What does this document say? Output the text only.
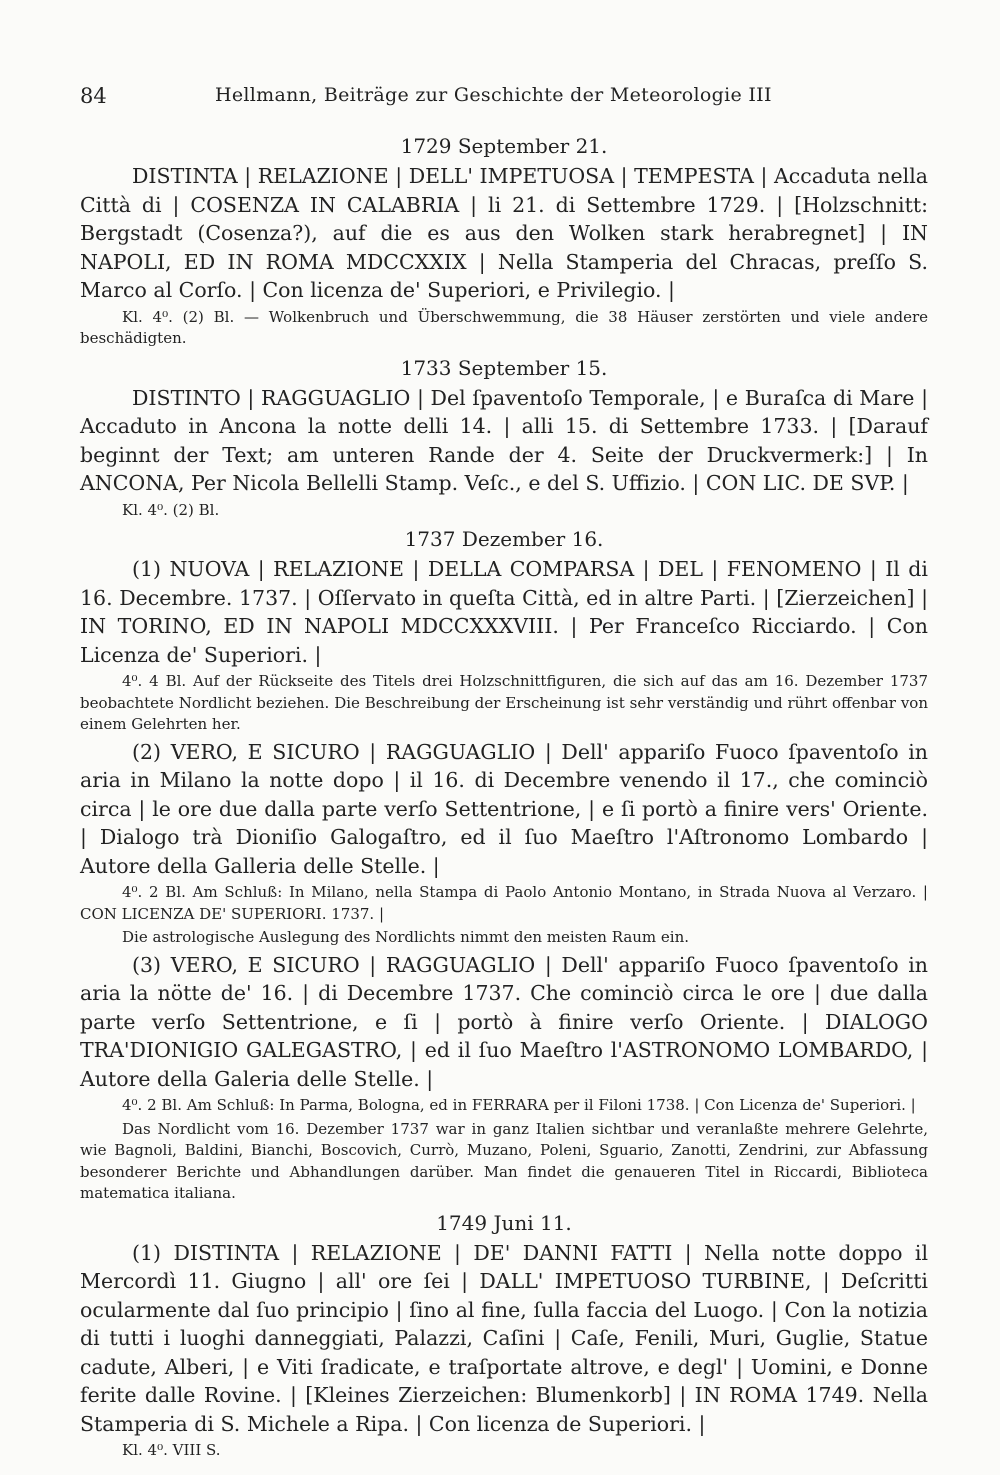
84	Hellmann, Beiträge zur Geschichte der Meteorologie III
1729 September 21.

DISTINTA | RELAZIONE | DELL' IMPETUOSA | TEMPESTA | Accaduta nella Città di | COSENZA IN CALABRIA | li 21. di Settembre 1729. | [Holzschnitt: Bergstadt (Cosenza?), auf die es aus den Wolken stark herabregnet] | IN NAPOLI, ED IN ROMA MDCCXXIX | Nella Stamperia del Chracas, preſſo S. Marco al Corſo. | Con licenza de' Superiori, e Privilegio. |

Kl. 4⁰. (2) Bl. — Wolkenbruch und Überschwemmung, die 38 Häuser zerstörten und viele andere beschädigten.

1733 September 15.

DISTINTO | RAGGUAGLIO | Del ſpaventoſo Temporale, | e Buraſca di Mare | Accaduto in Ancona la notte delli 14. | alli 15. di Settembre 1733. | [Darauf beginnt der Text; am unteren Rande der 4. Seite der Druckvermerk:] | In ANCONA, Per Nicola Bellelli Stamp. Veſc., e del S. Uffizio. | CON LIC. DE SVP. |

Kl. 4⁰. (2) Bl.

1737 Dezember 16.

(1) NUOVA | RELAZIONE | DELLA COMPARSA | DEL | FENOMENO | Il di 16. Decembre. 1737. | Oſſervato in queſta Città, ed in altre Parti. | [Zierzeichen] | IN TORINO, ED IN NAPOLI MDCCXXXVIII. | Per Franceſco Ricciardo. | Con Licenza de' Superiori. |

4⁰. 4 Bl. Auf der Rückseite des Titels drei Holzschnittfiguren, die sich auf das am 16. Dezember 1737 beobachtete Nordlicht beziehen. Die Beschreibung der Erscheinung ist sehr verständig und rührt offenbar von einem Gelehrten her.

(2) VERO, E SICURO | RAGGUAGLIO | Dell' appariſo Fuoco ſpaventoſo in aria in Milano la notte dopo | il 16. di Decembre venendo il 17., che cominciò circa | le ore due dalla parte verſo Settentrione, | e ſi portò a finire vers' Oriente. | Dialogo trà Dioniſio Galogaſtro, ed il ſuo Maeſtro l'Aſtronomo Lombardo | Autore della Galleria delle Stelle. |

4⁰. 2 Bl. Am Schluß: In Milano, nella Stampa di Paolo Antonio Montano, in Strada Nuova al Verzaro. | CON LICENZA DE' SUPERIORI. 1737. |

Die astrologische Auslegung des Nordlichts nimmt den meisten Raum ein.

(3) VERO, E SICURO | RAGGUAGLIO | Dell' appariſo Fuoco ſpaventoſo in aria la nötte de' 16. | di Decembre 1737. Che cominciò circa le ore | due dalla parte verſo Settentrione, e ſi | portò à finire verſo Oriente. | DIALOGO TRA'DIONIGIO GALEGASTRO, | ed il ſuo Maeſtro l'ASTRONOMO LOMBARDO, | Autore della Galeria delle Stelle. |

4⁰. 2 Bl. Am Schluß: In Parma, Bologna, ed in FERRARA per il Filoni 1738. | Con Licenza de' Superiori. |

Das Nordlicht vom 16. Dezember 1737 war in ganz Italien sichtbar und veranlaßte mehrere Gelehrte, wie Bagnoli, Baldini, Bianchi, Boscovich, Currò, Muzano, Poleni, Sguario, Zanotti, Zendrini, zur Abfassung besonderer Berichte und Abhandlungen darüber. Man findet die genaueren Titel in Riccardi, Biblioteca matematica italiana.

1749 Juni 11.

(1) DISTINTA | RELAZIONE | DE' DANNI FATTI | Nella notte doppo il Mercordì 11. Giugno | all' ore ſei | DALL' IMPETUOSO TURBINE, | Deſcritti ocularmente dal ſuo principio | ſino al fine, ſulla faccia del Luogo. | Con la notizia di tutti i luoghi danneggiati, Palazzi, Caſini | Caſe, Fenili, Muri, Guglie, Statue cadute, Alberi, | e Viti ſradicate, e traſportate altrove, e degl' | Uomini, e Donne ferite dalle Rovine. | [Kleines Zierzeichen: Blumenkorb] | IN ROMA 1749. Nella Stamperia di S. Michele a Ripa. | Con licenza de Superiori. |

Kl. 4⁰. VIII S.
